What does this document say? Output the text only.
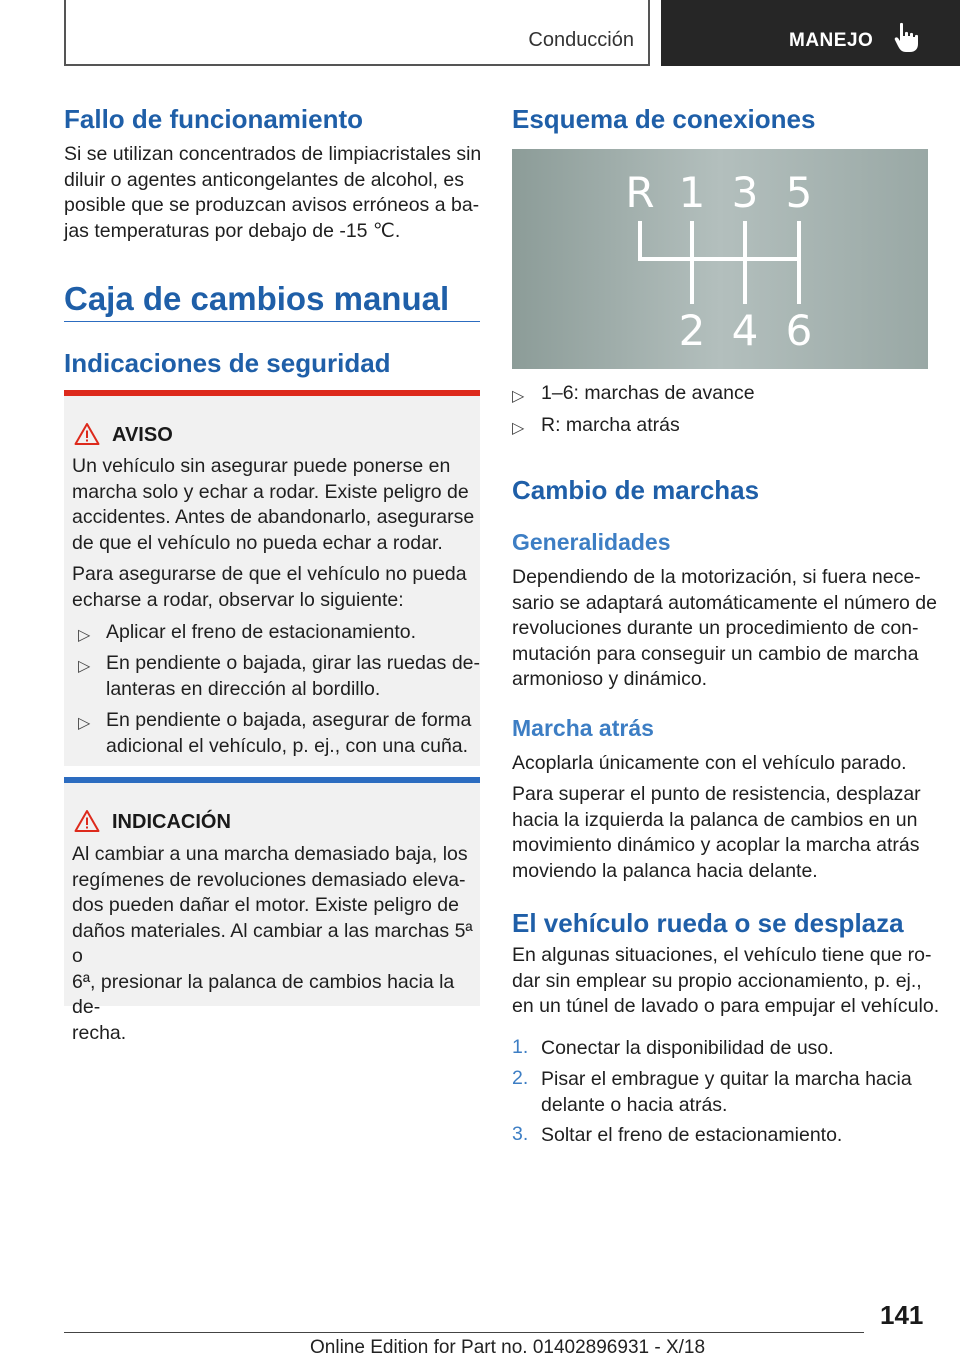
Conducción	MANEJO
Fallo de funcionamiento
Si se utilizan concentrados de limpiacristales sin
diluir o agentes anticongelantes de alcohol, es
posible que se produzcan avisos erróneos a ba-
jas temperaturas por debajo de -15 ℃.
Caja de cambios manual
Indicaciones de seguridad
AVISO
Un vehículo sin asegurar puede ponerse en
marcha solo y echar a rodar. Existe peligro de
accidentes. Antes de abandonarlo, asegurarse
de que el vehículo no pueda echar a rodar.
Para asegurarse de que el vehículo no pueda
echarse a rodar, observar lo siguiente:
▷ Aplicar el freno de estacionamiento.
▷ En pendiente o bajada, girar las ruedas de-
lanteras en dirección al bordillo.
▷ En pendiente o bajada, asegurar de forma
adicional el vehículo, p. ej., con una cuña.
INDICACIÓN
Al cambiar a una marcha demasiado baja, los
regímenes de revoluciones demasiado eleva-
dos pueden dañar el motor. Existe peligro de
daños materiales. Al cambiar a las marchas 5ª o
6ª, presionar la palanca de cambios hacia la de-
recha.
Esquema de conexiones
R 1 3 5
2 4 6
▷ 1–6: marchas de avance
▷ R: marcha atrás
Cambio de marchas
Generalidades
Dependiendo de la motorización, si fuera nece-
sario se adaptará automáticamente el número de
revoluciones durante un procedimiento de con-
mutación para conseguir un cambio de marcha
armonioso y dinámico.
Marcha atrás
Acoplarla únicamente con el vehículo parado.
Para superar el punto de resistencia, desplazar
hacia la izquierda la palanca de cambios en un
movimiento dinámico y acoplar la marcha atrás
moviendo la palanca hacia delante.
El vehículo rueda o se desplaza
En algunas situaciones, el vehículo tiene que ro-
dar sin emplear su propio accionamiento, p. ej.,
en un túnel de lavado o para empujar el vehículo.
1. Conectar la disponibilidad de uso.
2. Pisar el embrague y quitar la marcha hacia
delante o hacia atrás.
3. Soltar el freno de estacionamiento.
141
Online Edition for Part no. 01402896931 - X/18
